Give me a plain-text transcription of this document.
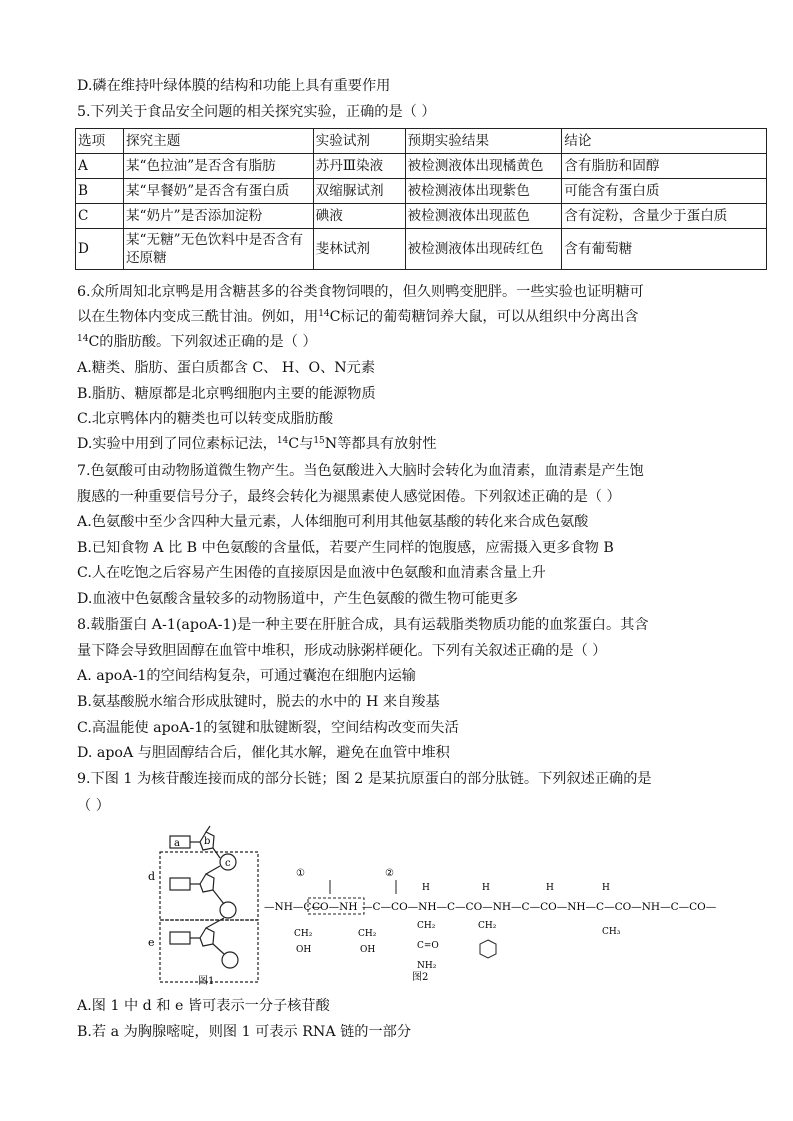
D.磷在维持叶绿体膜的结构和功能上具有重要作用
5.下列关于食品安全问题的相关探究实验，正确的是（ ）
选项	探究主题	实验试剂	预期实验结果	结论
A	某“色拉油”是否含有脂肪	苏丹Ⅲ染液	被检测液体出现橘黄色	含有脂肪和固醇
B	某“早餐奶”是否含有蛋白质	双缩脲试剂	被检测液体出现紫色	可能含有蛋白质
C	某“奶片”是否添加淀粉	碘液	被检测液体出现蓝色	含有淀粉，含量少于蛋白质
D	某“无糖”无色饮料中是否含有还原糖	斐林试剂	被检测液体出现砖红色	含有葡萄糖
6.众所周知北京鸭是用含糖甚多的谷类食物饲喂的，但久则鸭变肥胖。一些实验也证明糖可
以在生物体内变成三酰甘油。例如，用$^{14}$C标记的葡萄糖饲养大鼠，可以从组织中分离出含
$^{14}$C的脂肪酸。下列叙述正确的是（ ）
A.糖类、脂肪、蛋白质都含 C、 H、O、N元素
B.脂肪、糖原都是北京鸭细胞内主要的能源物质
C.北京鸭体内的糖类也可以转变成脂肪酸
D.实验中用到了同位素标记法，$^{14}$C与$^{15}$N等都具有放射性
7.色氨酸可由动物肠道微生物产生。当色氨酸进入大脑时会转化为血清素，血清素是产生饱
腹感的一种重要信号分子，最终会转化为褪黑素使人感觉困倦。下列叙述正确的是（ ）
A.色氨酸中至少含四种大量元素，人体细胞可利用其他氨基酸的转化来合成色氨酸
B.已知食物 A 比 B 中色氨酸的含量低，若要产生同样的饱腹感，应需摄入更多食物 B
C.人在吃饱之后容易产生困倦的直接原因是血液中色氨酸和血清素含量上升
D.血液中色氨酸含量较多的动物肠道中，产生色氨酸的微生物可能更多
8.载脂蛋白 A-1(apoA-1)是一种主要在肝脏合成，具有运载脂类物质功能的血浆蛋白。其含
量下降会导致胆固醇在血管中堆积，形成动脉粥样硬化。下列有关叙述正确的是（ ）
A. apoA-1的空间结构复杂，可通过囊泡在细胞内运输
B.氨基酸脱水缩合形成肽键时，脱去的水中的 H 来自羧基
C.高温能使 apoA-1的氢键和肽键断裂，空间结构改变而失活
D. apoA 与胆固醇结合后，催化其水解，避免在血管中堆积
9.下图 1 为核苷酸连接而成的部分长链；图 2 是某抗原蛋白的部分肽链。下列叙述正确的是
（ ）
a b
c
d
e
图1
①	②
—NH—C—
CO—NH —C—CO—NH—C—CO—NH—C—CO—NH—C—CO—NH—C—CO—
H	H	H	H
CH₂
OH
CH₂
OH
CH₂
C=O
NH₂
CH₂
CH₃
图2
A.图 1 中 d 和 e 皆可表示一分子核苷酸
B.若 a 为胸腺嘧啶，则图 1 可表示 RNA 链的一部分
